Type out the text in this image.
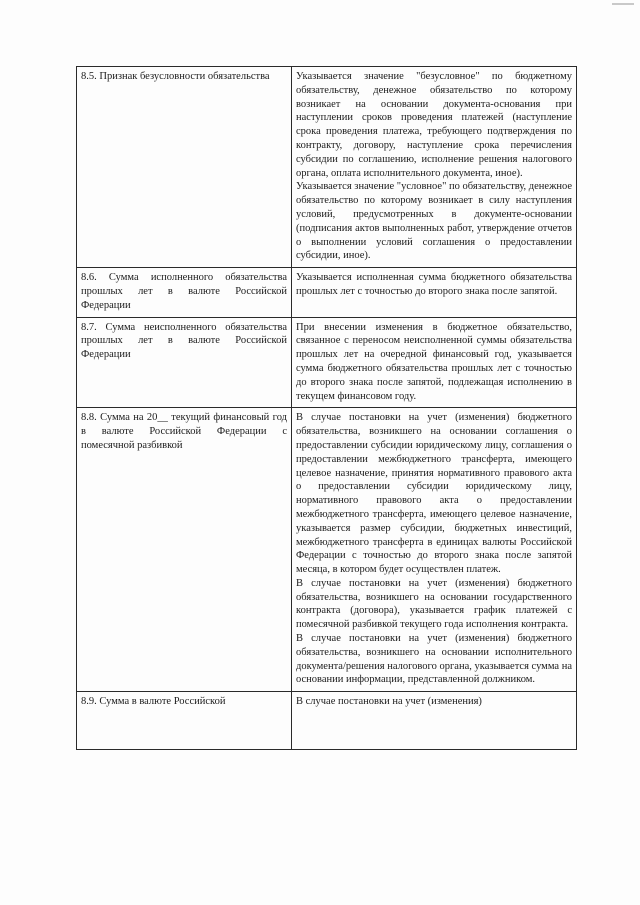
8.5. Признак безусловности обязательства	Указывается значение "безусловное" по бюджетному обязательству, денежное обязательство по которому возникает на основании документа-основания при наступлении сроков проведения платежей (наступление срока проведения платежа, требующего подтверждения по контракту, договору, наступление срока перечисления субсидии по соглашению, исполнение решения налогового органа, оплата исполнительного документа, иное).
Указывается значение "условное" по обязательству, денежное обязательство по которому возникает в силу наступления условий, предусмотренных в документе-основании (подписания актов выполненных работ, утверждение отчетов о выполнении условий соглашения о предоставлении субсидии, иное).

8.6. Сумма исполненного обязательства прошлых лет в валюте Российской Федерации	Указывается исполненная сумма бюджетного обязательства прошлых лет с точностью до второго знака после запятой.

8.7. Сумма неисполненного обязательства прошлых лет в валюте Российской Федерации	При внесении изменения в бюджетное обязательство, связанное с переносом неисполненной суммы обязательства прошлых лет на очередной финансовый год, указывается сумма бюджетного обязательства прошлых лет с точностью до второго знака после запятой, подлежащая исполнению в текущем финансовом году.

8.8. Сумма на 20__ текущий финансовый год в валюте Российской Федерации с помесячной разбивкой	В случае постановки на учет (изменения) бюджетного обязательства, возникшего на основании соглашения о предоставлении субсидии юридическому лицу, соглашения о предоставлении межбюджетного трансферта, имеющего целевое назначение, принятия нормативного правового акта о предоставлении субсидии юридическому лицу, нормативного правового акта о предоставлении межбюджетного трансферта, имеющего целевое назначение, указывается размер субсидии, бюджетных инвестиций, межбюджетного трансферта в единицах валюты Российской Федерации с точностью до второго знака после запятой месяца, в котором будет осуществлен платеж.
В случае постановки на учет (изменения) бюджетного обязательства, возникшего на основании государственного контракта (договора), указывается график платежей с помесячной разбивкой текущего года исполнения контракта.
В случае постановки на учет (изменения) бюджетного обязательства, возникшего на основании исполнительного документа/решения налогового органа, указывается сумма на основании информации, представленной должником.

8.9. Сумма в валюте Российской	В случае постановки на учет (изменения)
